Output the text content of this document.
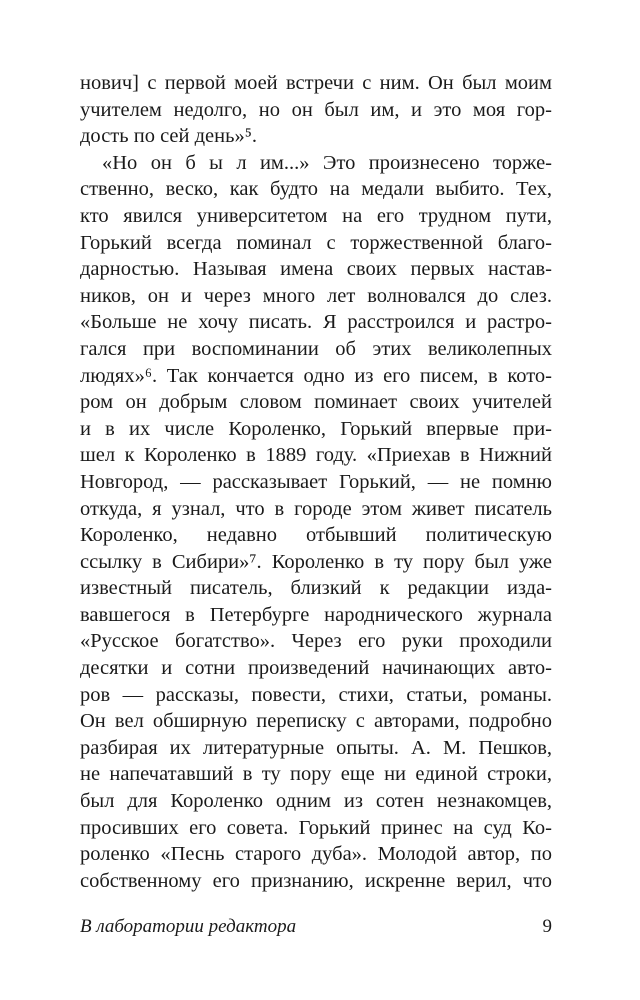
нович] с первой моей встречи с ним. Он был моим
учителем недолго, но он был им, и это моя гор-
дость по сей день»⁵.
«Но он б ы л им...» Это произнесено торже-
ственно, веско, как будто на медали выбито. Тех,
кто явился университетом на его трудном пути,
Горький всегда поминал с торжественной благо-
дарностью. Называя имена своих первых настав-
ников, он и через много лет волновался до слез.
«Больше не хочу писать. Я расстроился и растро-
гался при воспоминании об этих великолепных
людях»⁶. Так кончается одно из его писем, в кото-
ром он добрым словом поминает своих учителей
и в их числе Короленко, Горький впервые при-
шел к Короленко в 1889 году. «Приехав в Нижний
Новгород, — рассказывает Горький, — не помню
откуда, я узнал, что в городе этом живет писатель
Короленко, недавно отбывший политическую
ссылку в Сибири»⁷. Короленко в ту пору был уже
известный писатель, близкий к редакции изда-
вавшегося в Петербурге народнического журнала
«Русское богатство». Через его руки проходили
десятки и сотни произведений начинающих авто-
ров — рассказы, повести, стихи, статьи, романы.
Он вел обширную переписку с авторами, подробно
разбирая их литературные опыты. А. М. Пешков,
не напечатавший в ту пору еще ни единой строки,
был для Короленко одним из сотен незнакомцев,
просивших его совета. Горький принес на суд Ко-
роленко «Песнь старого дуба». Молодой автор, по
собственному его признанию, искренне верил, что
В лаборатории редактора	9
